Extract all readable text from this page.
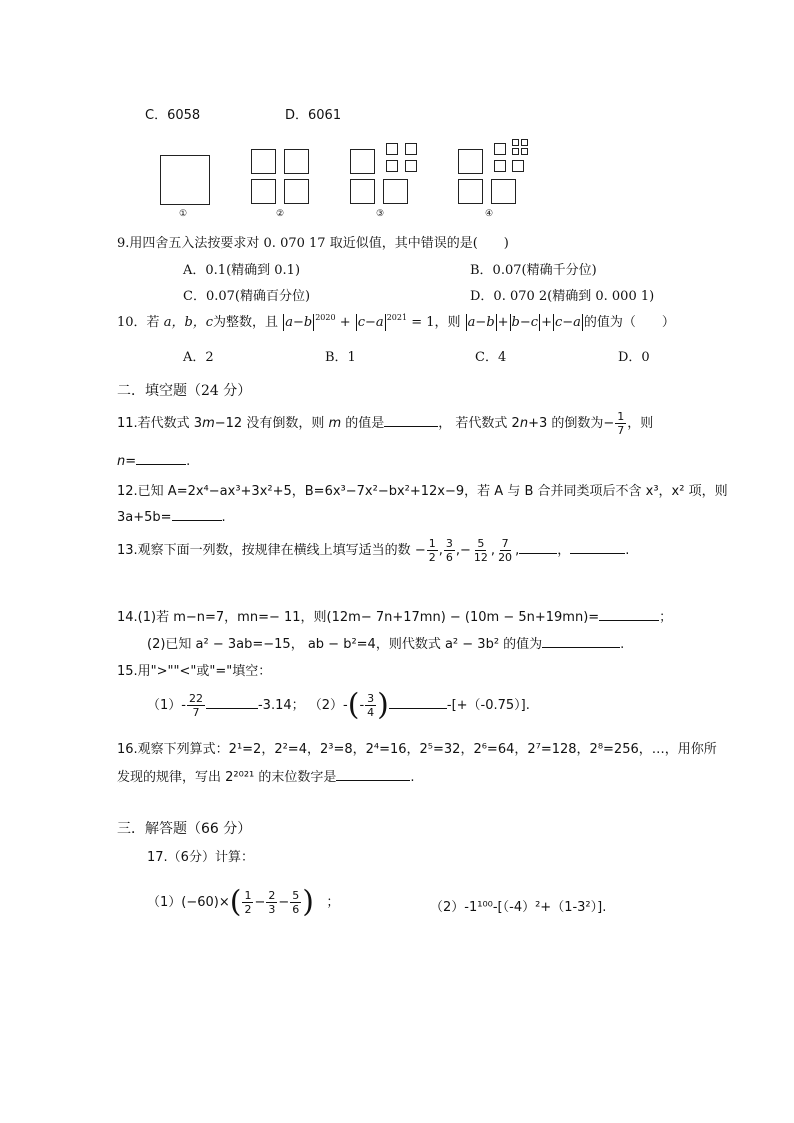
C．6058	D．6061
①	②	③	④
9.用四舍五入法按要求对 0. 070 17 取近似值，其中错误的是(　　)
A．0.1(精确到 0.1)	B．0.07(精确千分位)
C．0.07(精确百分位)	D．0. 070 2(精确到 0. 000 1)
10．若 a，b，c为整数，且 a−b $^{2020}$ + c−a $^{2021}$ = 1，则 a−b + b−c + c−a 的值为（　　）
A．2	B．1	C．4	D．0
二．填空题（24 分）
11.若代数式 3m−12 没有倒数，则 m 的值是	， 若代数式 2n+3 的倒数为− $\frac{1}{7}$ ，则
n=	.
12.已知 A=2x⁴−ax³+3x²+5，B=6x³−7x²−bx²+12x−9，若 A 与 B 合并同类项后不含 x³，x² 项，则
3a+5b=	.
13.观察下面一列数，按规律在横线上填写适当的数 − $\frac{1}{2}$ , $\frac{3}{6}$ ,− $\frac{5}{12}$ , $\frac{7}{20}$ ,	，	.
14.(1)若 m−n=7，mn=− 11，则(12m− 7n+17mn) − (10m − 5n+19mn)=	；
(2)已知 a² − 3ab=−15， ab − b²=4，则代数式 a² − 3b² 的值为	.
15.用">""<"或"="填空：
$(1)- \frac{22}{7}$	-3.14； $(2)-(- \frac{3}{4}$ )	-[+（-0.75）].
16.观察下列算式：2¹=2，2²=4，2³=8，2⁴=16，2⁵=32，2⁶=64，2⁷=128，2⁸=256，…，用你所
发现的规律，写出 2²⁰²¹ 的末位数字是	.
三．解答题（66 分）
17.（6分）计算：
$(1)(-60)\times( \frac{1}{2} - \frac{2}{3} - \frac{5}{6}$ ) ；	（2）-1¹⁰⁰-[（-4）²+（1-3²）].
